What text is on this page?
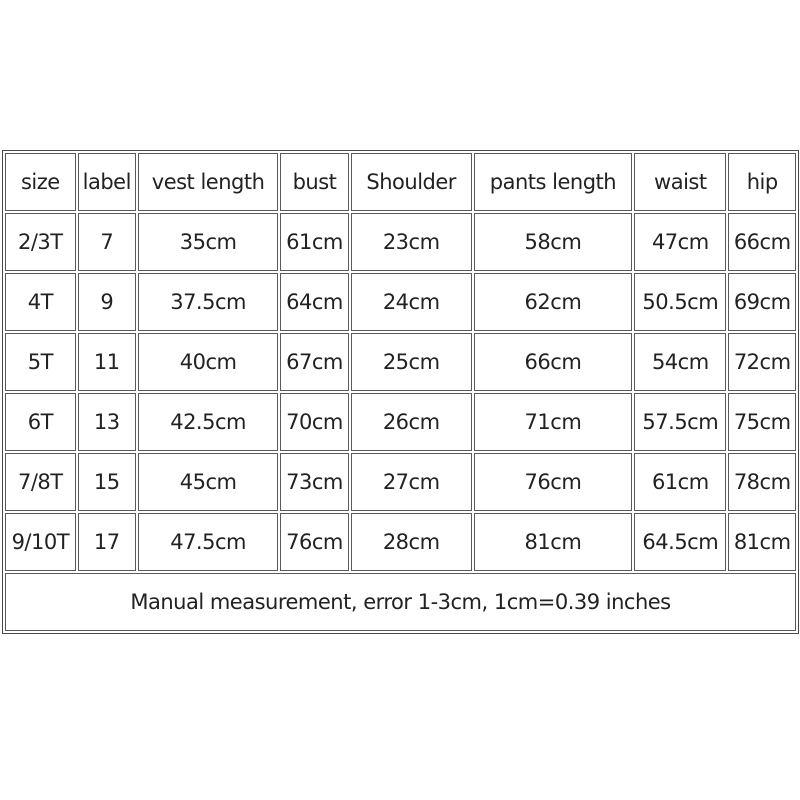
size	label	vest length	bust	Shoulder	pants length	waist	hip
2/3T	7	35cm	61cm	23cm	58cm	47cm	66cm
4T	9	37.5cm	64cm	24cm	62cm	50.5cm	69cm
5T	11	40cm	67cm	25cm	66cm	54cm	72cm
6T	13	42.5cm	70cm	26cm	71cm	57.5cm	75cm
7/8T	15	45cm	73cm	27cm	76cm	61cm	78cm
9/10T	17	47.5cm	76cm	28cm	81cm	64.5cm	81cm
Manual measurement, error 1-3cm, 1cm=0.39 inches							
